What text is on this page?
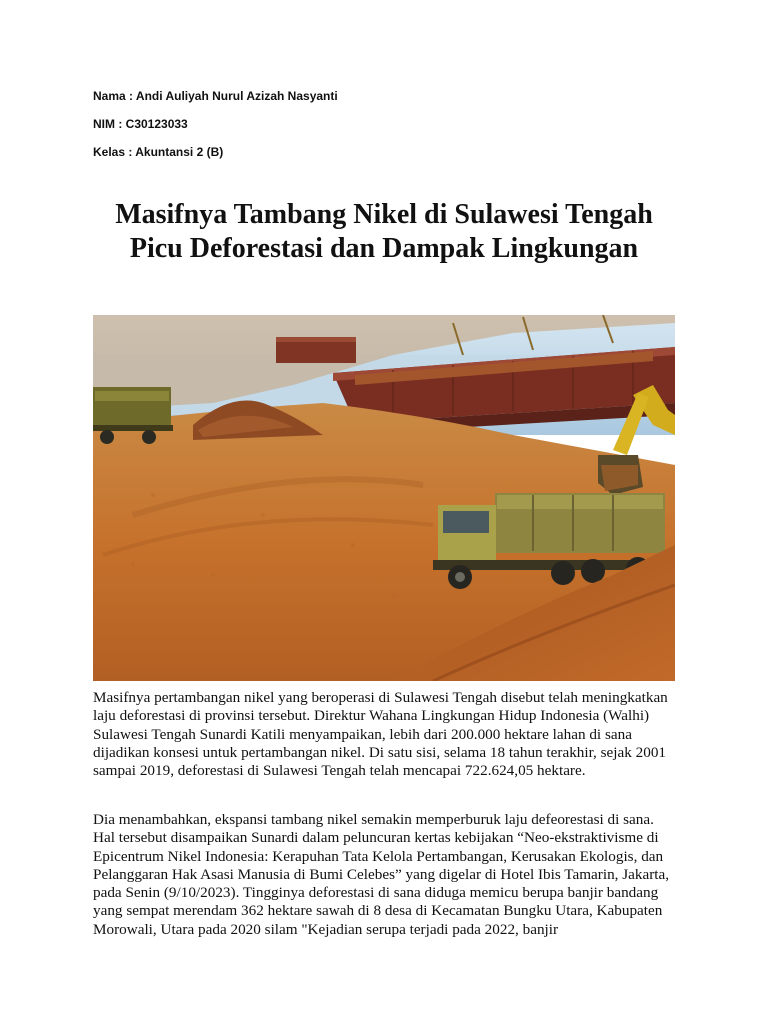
Nama : Andi Auliyah Nurul Azizah Nasyanti
NIM : C30123033
Kelas : Akuntansi 2 (B)
Masifnya Tambang Nikel di Sulawesi Tengah Picu Deforestasi dan Dampak Lingkungan

Masifnya pertambangan nikel yang beroperasi di Sulawesi Tengah disebut telah meningkatkan laju deforestasi di provinsi tersebut. Direktur Wahana Lingkungan Hidup Indonesia (Walhi) Sulawesi Tengah Sunardi Katili menyampaikan, lebih dari 200.000 hektare lahan di sana dijadikan konsesi untuk pertambangan nikel. Di satu sisi, selama 18 tahun terakhir, sejak 2001 sampai 2019, deforestasi di Sulawesi Tengah telah mencapai 722.624,05 hektare.

Dia menambahkan, ekspansi tambang nikel semakin memperburuk laju defeorestasi di sana. Hal tersebut disampaikan Sunardi dalam peluncuran kertas kebijakan “Neo-ekstraktivisme di Epicentrum Nikel Indonesia: Kerapuhan Tata Kelola Pertambangan, Kerusakan Ekologis, dan Pelanggaran Hak Asasi Manusia di Bumi Celebes” yang digelar di Hotel Ibis Tamarin, Jakarta, pada Senin (9/10/2023). Tingginya deforestasi di sana diduga memicu berupa banjir bandang yang sempat merendam 362 hektare sawah di 8 desa di Kecamatan Bungku Utara, Kabupaten Morowali, Utara pada 2020 silam "Kejadian serupa terjadi pada 2022, banjir
